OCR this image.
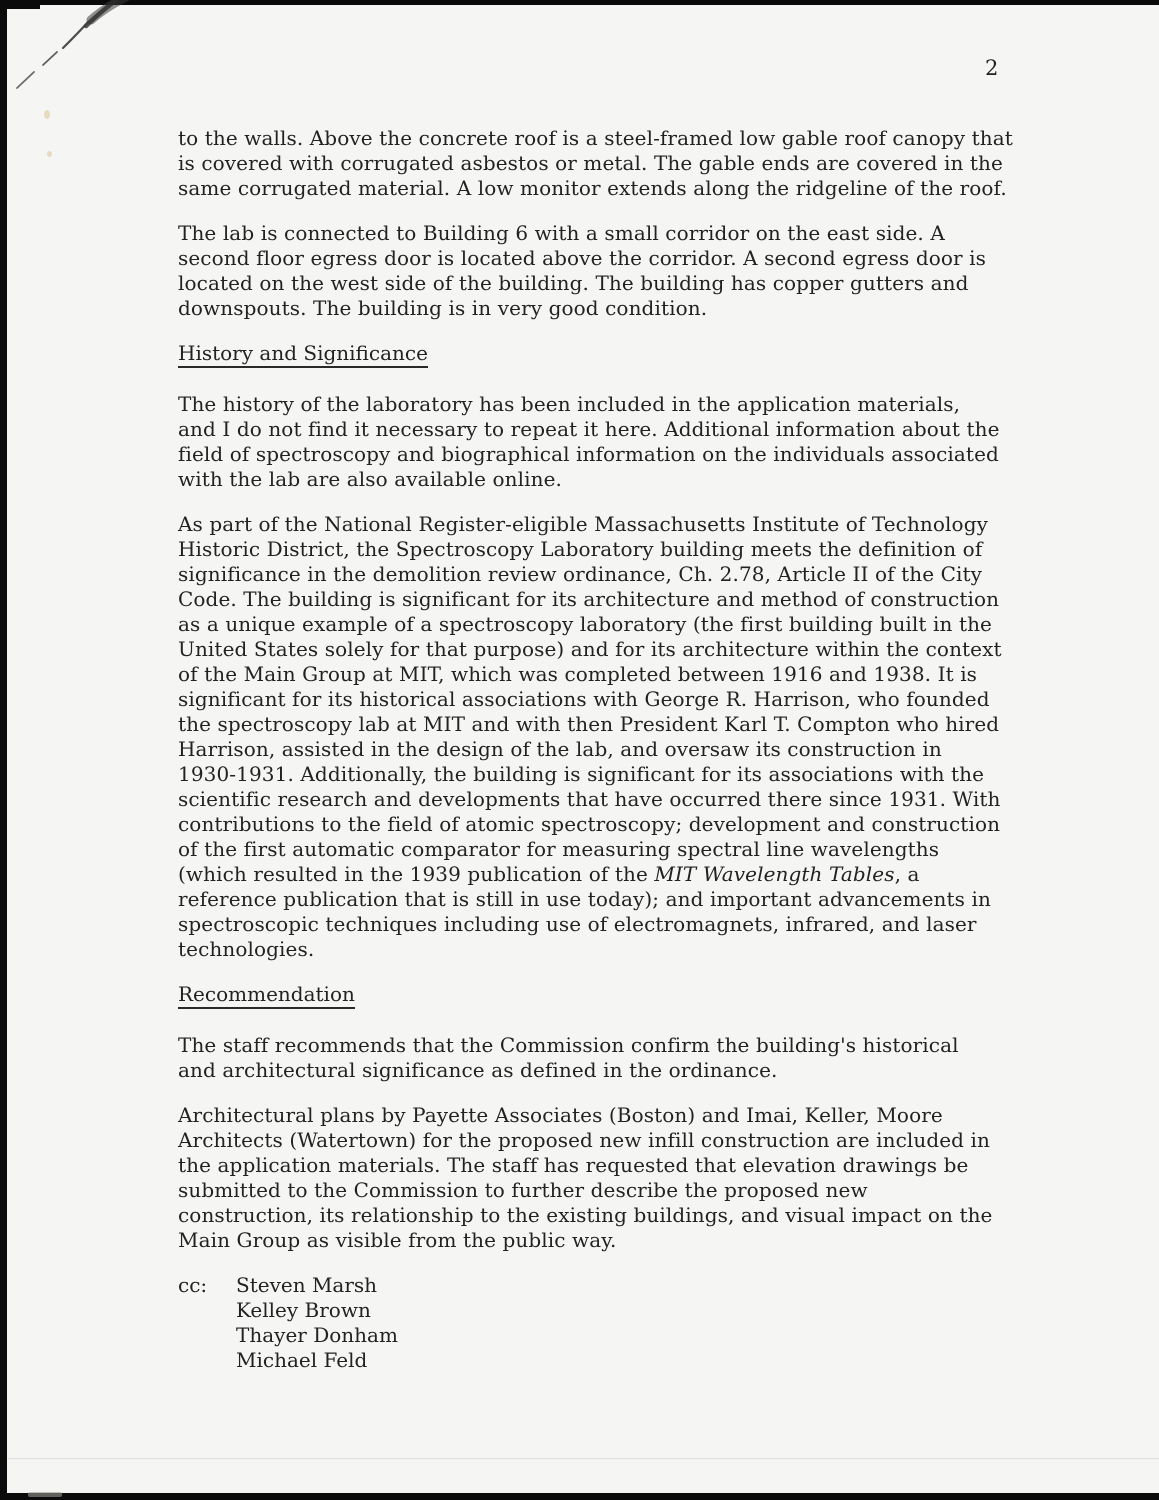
2
to the walls. Above the concrete roof is a steel-framed low gable roof canopy that
is covered with corrugated asbestos or metal. The gable ends are covered in the
same corrugated material. A low monitor extends along the ridgeline of the roof.
The lab is connected to Building 6 with a small corridor on the east side. A
second floor egress door is located above the corridor. A second egress door is
located on the west side of the building. The building has copper gutters and
downspouts. The building is in very good condition.
History and Significance
The history of the laboratory has been included in the application materials,
and I do not find it necessary to repeat it here. Additional information about the
field of spectroscopy and biographical information on the individuals associated
with the lab are also available online.
As part of the National Register-eligible Massachusetts Institute of Technology
Historic District, the Spectroscopy Laboratory building meets the definition of
significance in the demolition review ordinance, Ch. 2.78, Article II of the City
Code. The building is significant for its architecture and method of construction
as a unique example of a spectroscopy laboratory (the first building built in the
United States solely for that purpose) and for its architecture within the context
of the Main Group at MIT, which was completed between 1916 and 1938. It is
significant for its historical associations with George R. Harrison, who founded
the spectroscopy lab at MIT and with then President Karl T. Compton who hired
Harrison, assisted in the design of the lab, and oversaw its construction in
1930-1931. Additionally, the building is significant for its associations with the
scientific research and developments that have occurred there since 1931. With
contributions to the field of atomic spectroscopy; development and construction
of the first automatic comparator for measuring spectral line wavelengths
(which resulted in the 1939 publication of the MIT Wavelength Tables, a
reference publication that is still in use today); and important advancements in
spectroscopic techniques including use of electromagnets, infrared, and laser
technologies.
Recommendation
The staff recommends that the Commission confirm the building's historical
and architectural significance as defined in the ordinance.
Architectural plans by Payette Associates (Boston) and Imai, Keller, Moore
Architects (Watertown) for the proposed new infill construction are included in
the application materials. The staff has requested that elevation drawings be
submitted to the Commission to further describe the proposed new
construction, its relationship to the existing buildings, and visual impact on the
Main Group as visible from the public way.
cc:	Steven Marsh
Kelley Brown
Thayer Donham
Michael Feld
